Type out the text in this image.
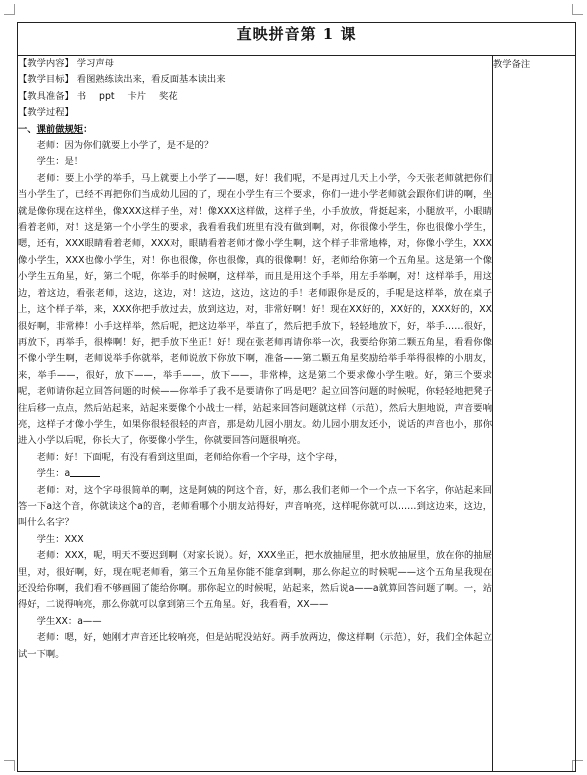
直映拼音第 1 课

【教学内容】 学习声母
【教学目标】 看图熟练读出来，看反面基本读出来
【教具准备】 书 ppt 卡片 奖花
【教学过程】
一、课前做规矩：

老师：因为你们就要上小学了，是不是的？

学生：是！

老师：要上小学的举手，马上就要上小学了——嗯，好！我们呢，不是再过几天上小学，今天张老师就把你们当小学生了，已经不再把你们当成幼儿园的了，现在小学生有三个要求，你们一进小学老师就会跟你们讲的啊，坐就是像你现在这样坐，像XXX这样子坐，对！像XXX这样做，这样子坐，小手放放，背挺起来，小腿放平，小眼睛看着老师，对！这是第一个小学生的要求，我看看我们班里有没有做到啊，对，你很像小学生，你也很像小学生，嗯，还有，XXX眼睛看着老师，XXX对，眼睛看着老师才像小学生啊，这个样子非常地棒，对，你像小学生，XXX像小学生，XXX也像小学生，对！你也很像，你也很像，真的很像啊！好，老师给你第一个五角星。这是第一个像小学生五角星，好，第二个呢，你举手的时候啊，这样举，而且是用这个手举，用左手举啊，对！这样举手，用这边，着这边，看张老师，这边，这边，对！这边，这边，这边的手！老师跟你是反的，手呢是这样举，放在桌子上，这个样子举，来，XXX你把手放过去，放到这边，对，非常好啊！好！现在XX好的，XX好的，XXX好的，XX很好啊，非常棒！小手这样举，然后呢，把这边举平，举直了，然后把手放下，轻轻地放下，好，举手……很好，再放下，再举手，很棒啊！好，把手放下坐正！好！现在张老师再请你举一次，我要给你第二颗五角星，看看你像不像小学生啊，老师说举手你就举，老师说放下你放下啊，准备——第二颗五角星奖励给举手举得很棒的小朋友，来，举手——，很好，放下——，举手——，放下——，非常棒，这是第二个要求像小学生啦。好，第三个要求呢，老师请你起立回答问题的时候——你举手了我不是要请你了吗是吧？起立回答问题的时候呢，你轻轻地把凳子往后移一点点，然后站起来，站起来要像个小战士一样，站起来回答问题就这样（示范），然后大胆地说，声音要响亮，这样子才像小学生，如果你很轻很轻的声音，那是幼儿园小朋友。幼儿园小朋友还小，说话的声音也小，那你进入小学以后呢，你长大了，你要像小学生，你就要回答问题很响亮。

老师：好！下面呢，有没有看到这里面，老师给你看一个字母，这个字母，

学生：a

老师：对，这个字母很简单的啊，这是阿姨的阿这个音，好，那么我们老师一个一个点一下名字，你站起来回答一下a这个音，你就读这个a的音，老师看哪个小朋友站得好，声音响亮，这样呢你就可以……到这边来，这边，叫什么名字？

学生：XXX

老师：XXX，呢，明天不要迟到啊（对家长说）。好，XXX坐正，把水放抽屉里，把水放抽屉里，放在你的抽屉里，对，很好啊，好，现在呢老师看，第三个五角星你能不能拿到啊，那么你起立的时候呢——这个五角星我现在还没给你啊，我们看不够画圆了能给你啊。那你起立的时候呢，站起来，然后说a——a就算回答问题了啊。一，站得好，二说得响亮，那么你就可以拿到第三个五角星。好，我看看，XX——

学生XX：a——

老师：嗯，好，她刚才声音还比较响亮，但是站呢没站好。两手放两边，像这样啊（示范），好，我们全体起立试一下啊。

	教学备注
